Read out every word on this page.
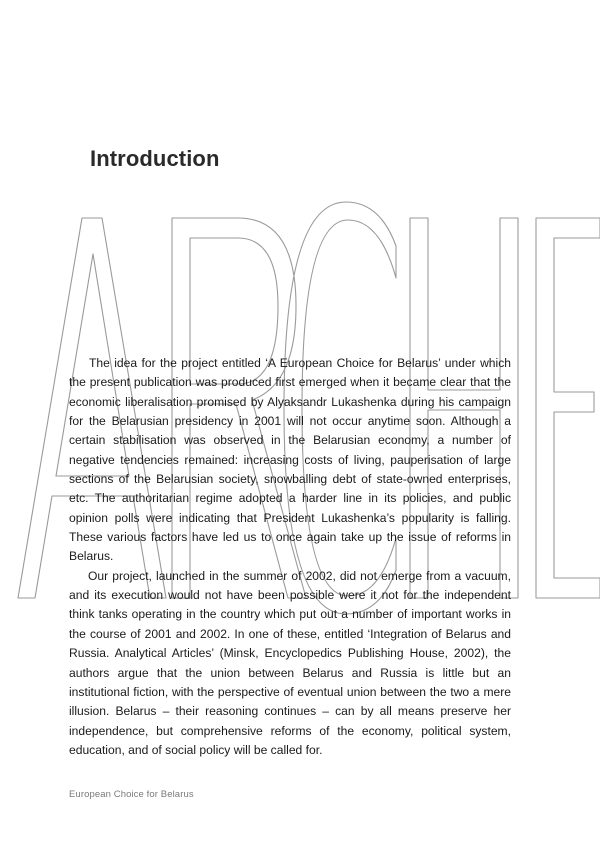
Introduction

The idea for the project entitled ‘A European Choice for Belarus’ under which the present publication was produced first emerged when it became clear that the economic liberalisation promised by Alyaksandr Lukashenka during his campaign for the Belarusian presidency in 2001 will not occur anytime soon. Although a certain stabilisation was observed in the Belarusian economy, a number of negative tendencies remained: increasing costs of living, pauperisation of large sections of the Belarusian society, snowballing debt of state-owned enterprises, etc. The authoritarian regime adopted a harder line in its policies, and public opinion polls were indicating that President Lukashenka’s popularity is falling. These various factors have led us to once again take up the issue of reforms in Belarus.

Our project, launched in the summer of 2002, did not emerge from a vacuum, and its execution would not have been possible were it not for the independent think tanks operating in the country which put out a number of important works in the course of 2001 and 2002. In one of these, entitled ‘Integration of Belarus and Russia. Analytical Articles’ (Minsk, Encyclopedics Publishing House, 2002), the authors argue that the union between Belarus and Russia is little but an institutional fiction, with the perspective of eventual union between the two a mere illusion. Belarus – their reasoning continues – can by all means preserve her independence, but comprehensive reforms of the economy, political system, education, and of social policy will be called for.

European Choice for Belarus
